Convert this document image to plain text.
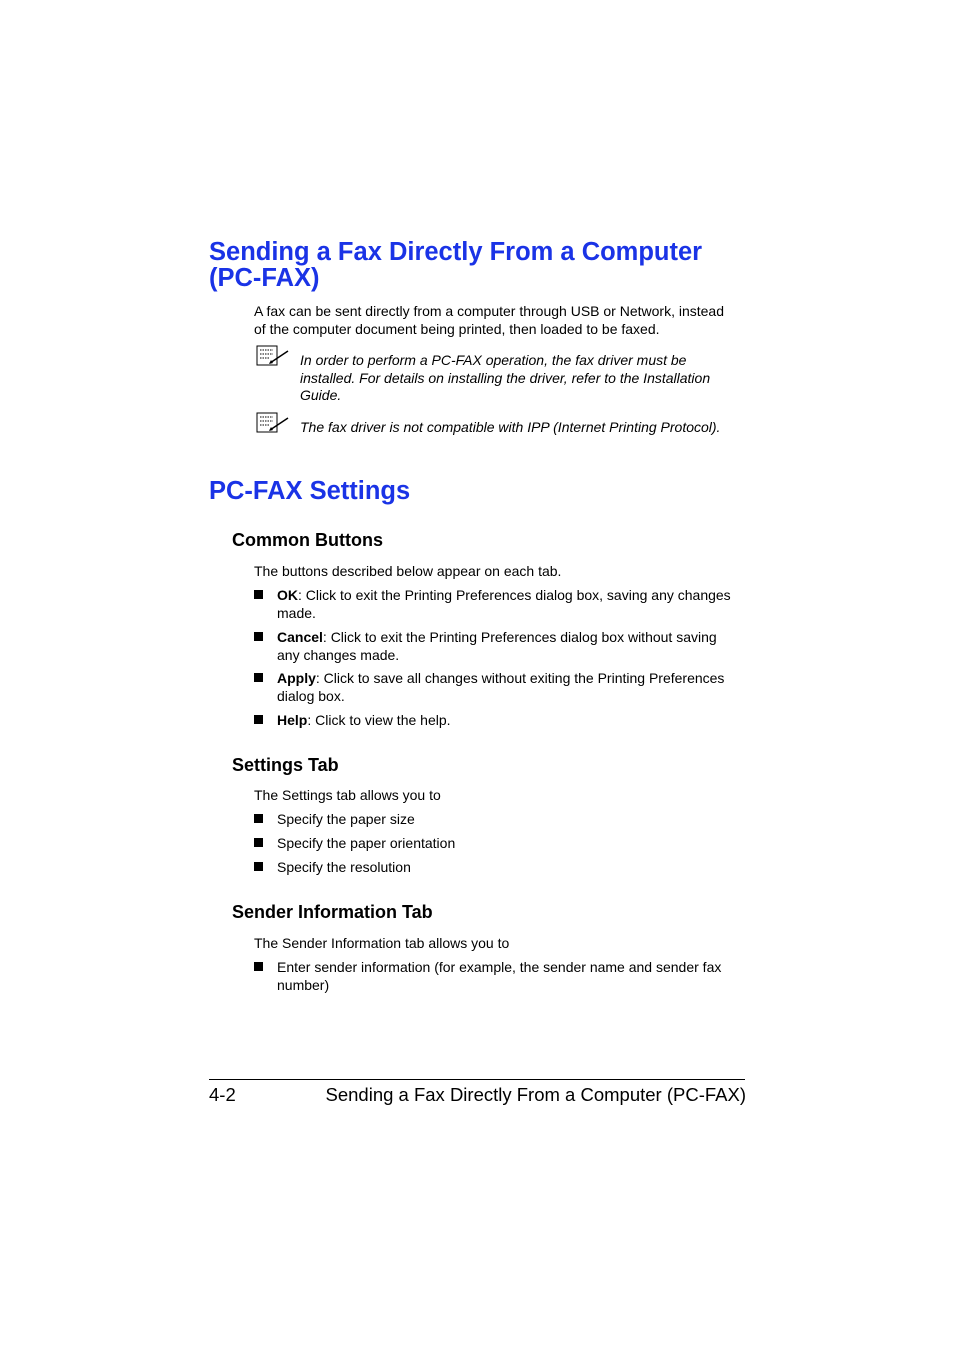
Sending a Fax Directly From a Computer
(PC-FAX)
A fax can be sent directly from a computer through USB or Network, instead
of the computer document being printed, then loaded to be faxed.
In order to perform a PC-FAX operation, the fax driver must be
installed. For details on installing the driver, refer to the Installation
Guide.
The fax driver is not compatible with IPP (Internet Printing Protocol).
PC-FAX Settings
Common Buttons
The buttons described below appear on each tab.
OK: Click to exit the Printing Preferences dialog box, saving any changes
made.
Cancel: Click to exit the Printing Preferences dialog box without saving
any changes made.
Apply: Click to save all changes without exiting the Printing Preferences
dialog box.
Help: Click to view the help.
Settings Tab
The Settings tab allows you to
Specify the paper size
Specify the paper orientation
Specify the resolution
Sender Information Tab
The Sender Information tab allows you to
Enter sender information (for example, the sender name and sender fax
number)
4-2	Sending a Fax Directly From a Computer (PC-FAX)
